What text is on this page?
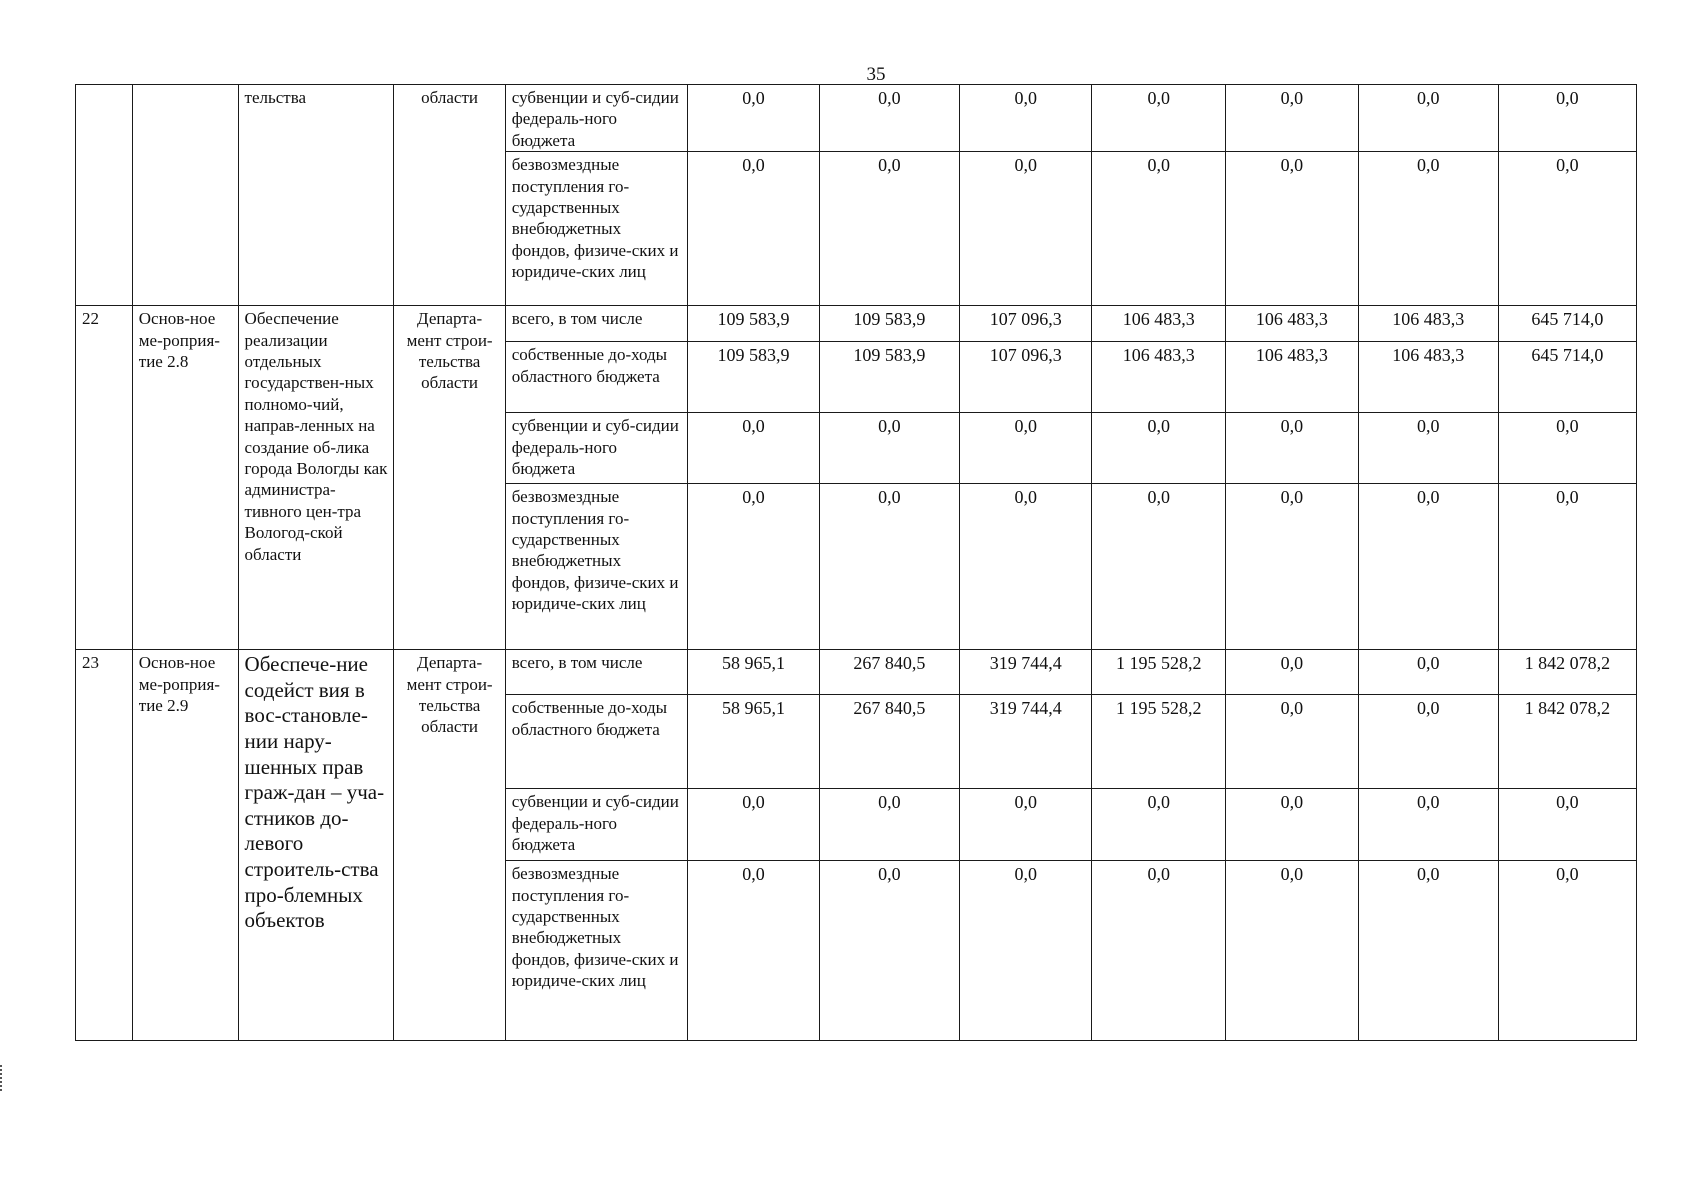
35
		тельства	области	субвенции и суб-сидии федераль-ного бюджета	0,0	0,0	0,0	0,0	0,0	0,0	0,0
				безвозмездные поступления го-сударственных внебюджетных фондов, физиче-ских и юридиче-ских лиц	0,0	0,0	0,0	0,0	0,0	0,0	0,0
22	Основ-ное ме-роприя-тие 2.8	Обеспечение реализации отдельных государствен-ных полномо-чий, направ-ленных на создание об-лика города Вологды как администра-тивного цен-тра Вологод-ской области	Департа-мент строи-тельства области	всего, в том числе	109 583,9	109 583,9	107 096,3	106 483,3	106 483,3	106 483,3	645 714,0
				собственные до-ходы областного бюджета	109 583,9	109 583,9	107 096,3	106 483,3	106 483,3	106 483,3	645 714,0
				субвенции и суб-сидии федераль-ного бюджета	0,0	0,0	0,0	0,0	0,0	0,0	0,0
				безвозмездные поступления го-сударственных внебюджетных фондов, физиче-ских и юридиче-ских лиц	0,0	0,0	0,0	0,0	0,0	0,0	0,0
23	Основ-ное ме-роприя-тие 2.9	Обеспече-ние содейст вия в вос-становле-нии нару-шенных прав граж-дан – уча-стников до-левого строитель-ства про-блемных объектов	Департа-мент строи-тельства области	всего, в том числе	58 965,1	267 840,5	319 744,4	1 195 528,2	0,0	0,0	1 842 078,2
				собственные до-ходы областного бюджета	58 965,1	267 840,5	319 744,4	1 195 528,2	0,0	0,0	1 842 078,2
				субвенции и суб-сидии федераль-ного бюджета	0,0	0,0	0,0	0,0	0,0	0,0	0,0
				безвозмездные поступления го-сударственных внебюджетных фондов, физиче-ских и юридиче-ских лиц	0,0	0,0	0,0	0,0	0,0	0,0	0,0
